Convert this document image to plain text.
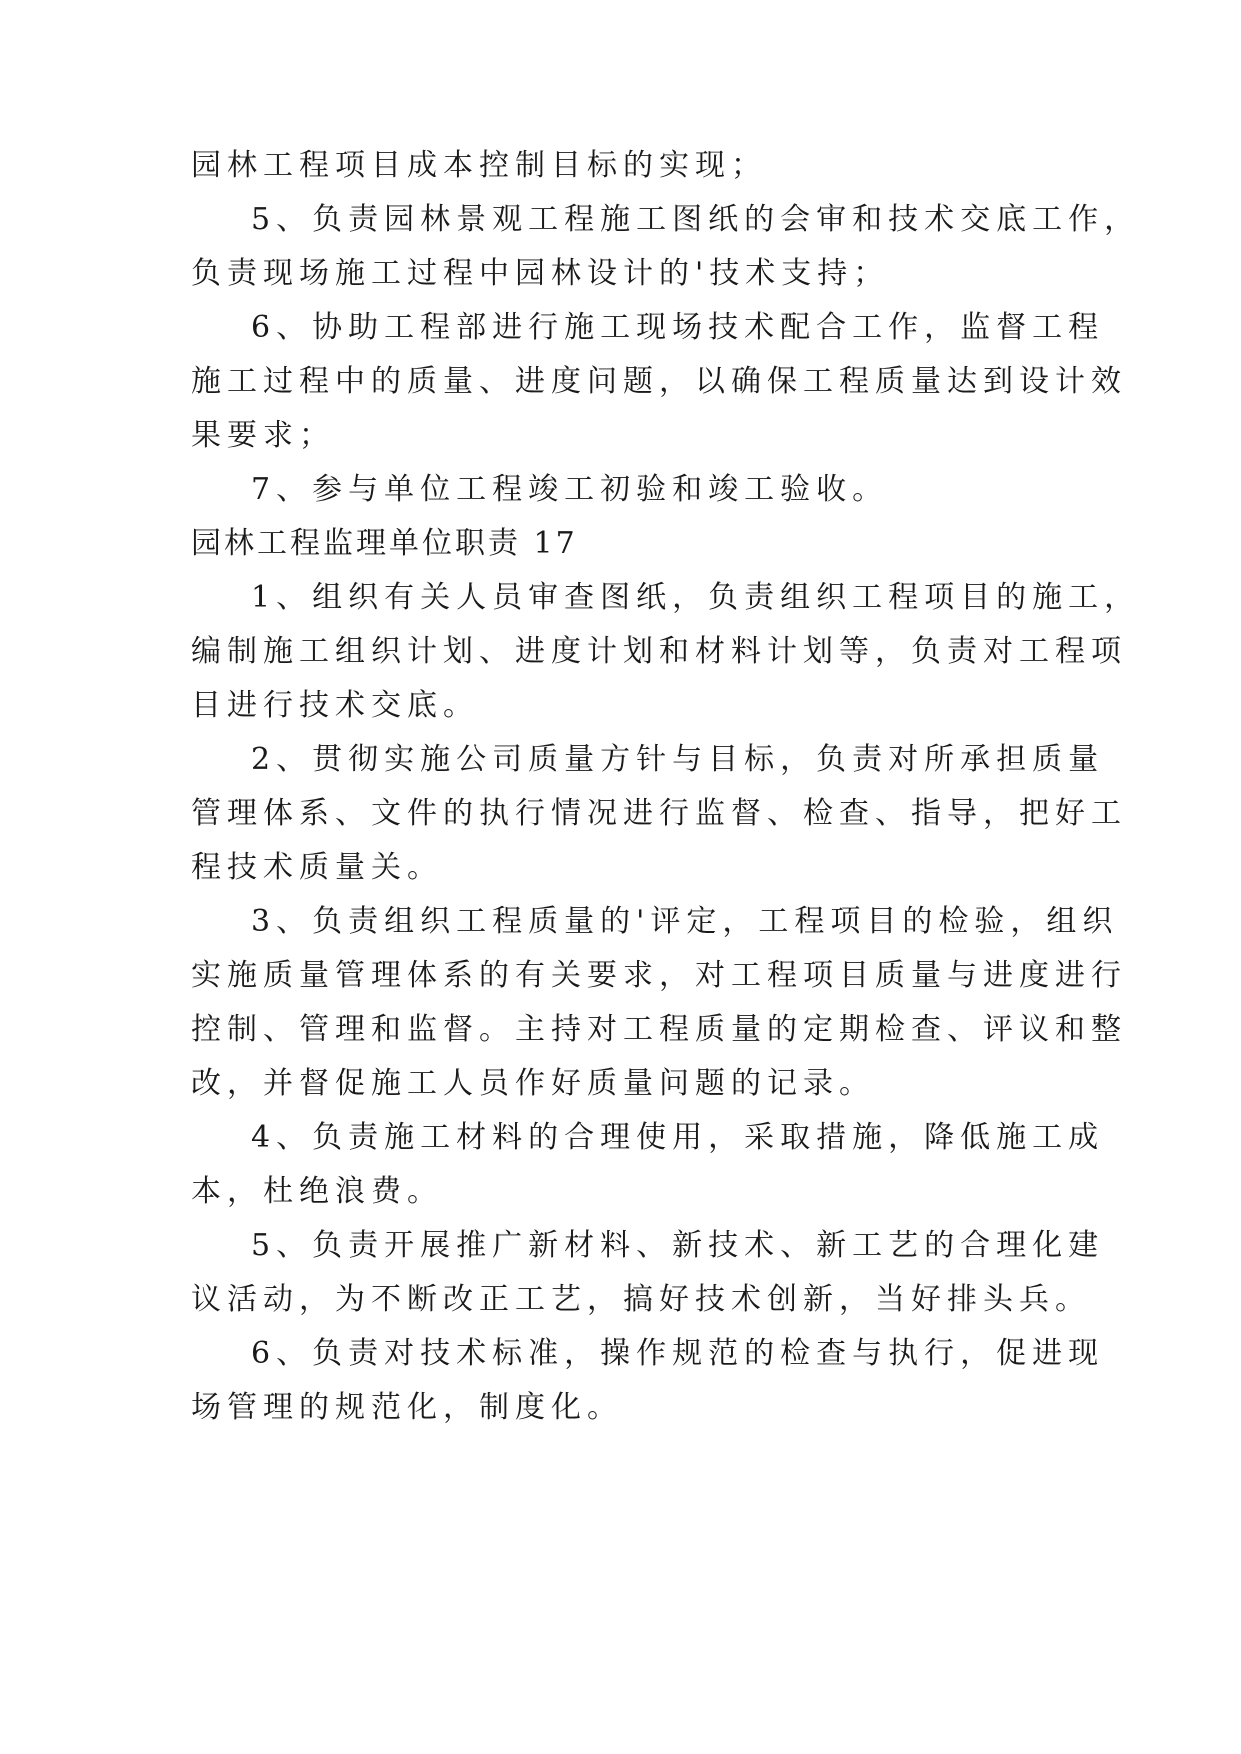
园林工程项目成本控制目标的实现；

5、负责园林景观工程施工图纸的会审和技术交底工作，

负责现场施工过程中园林设计的'技术支持；

6、协助工程部进行施工现场技术配合工作，监督工程

施工过程中的质量、进度问题，以确保工程质量达到设计效

果要求；

7、参与单位工程竣工初验和竣工验收。

园林工程监理单位职责 17

1、组织有关人员审查图纸，负责组织工程项目的施工，

编制施工组织计划、进度计划和材料计划等，负责对工程项

目进行技术交底。

2、贯彻实施公司质量方针与目标，负责对所承担质量

管理体系、文件的执行情况进行监督、检查、指导，把好工

程技术质量关。

3、负责组织工程质量的'评定，工程项目的检验，组织

实施质量管理体系的有关要求，对工程项目质量与进度进行

控制、管理和监督。主持对工程质量的定期检查、评议和整

改，并督促施工人员作好质量问题的记录。

4、负责施工材料的合理使用，采取措施，降低施工成

本，杜绝浪费。

5、负责开展推广新材料、新技术、新工艺的合理化建

议活动，为不断改正工艺，搞好技术创新，当好排头兵。

6、负责对技术标准，操作规范的检查与执行，促进现

场管理的规范化，制度化。
